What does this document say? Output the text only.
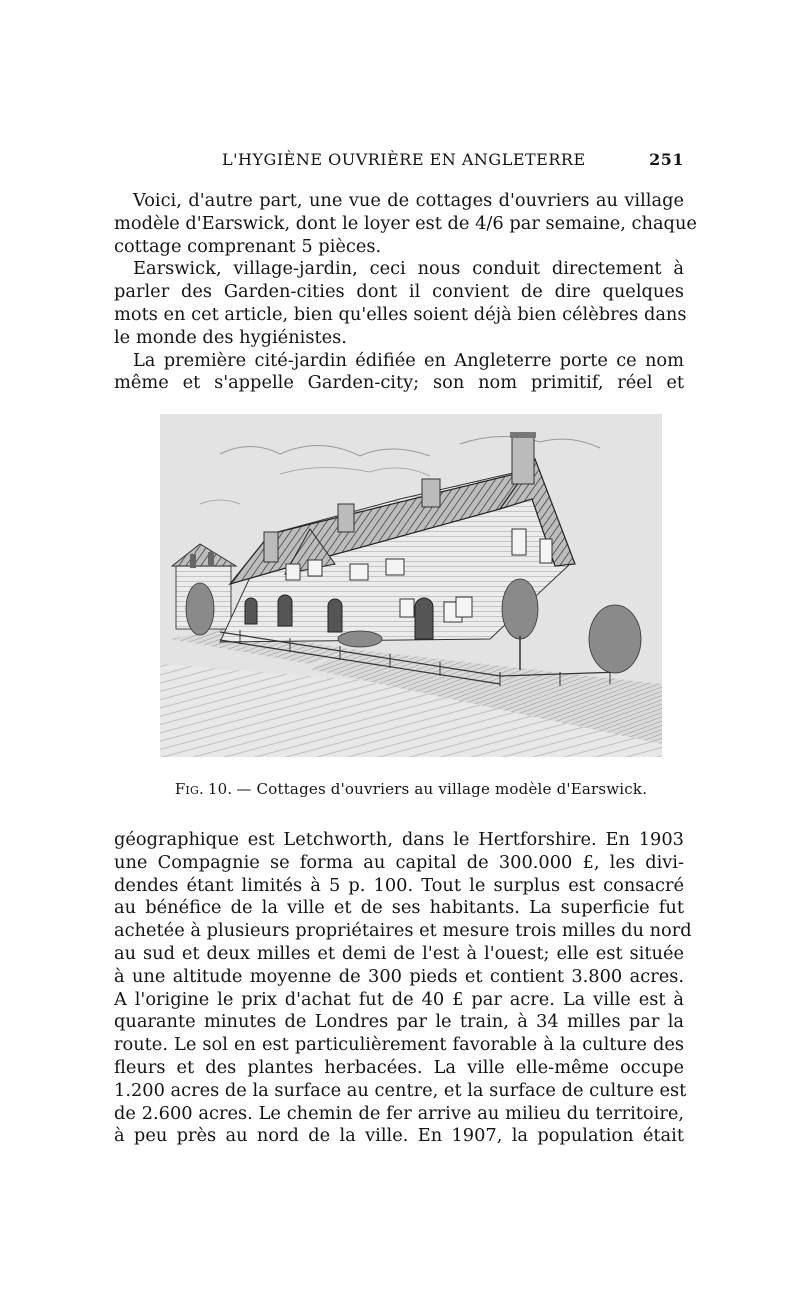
L'HYGIÈNE OUVRIÈRE EN ANGLETERRE	251
Voici, d'autre part, une vue de cottages d'ouvriers au village
modèle d'Earswick, dont le loyer est de 4/6 par semaine, chaque
cottage comprenant 5 pièces.
Earswick, village-jardin, ceci nous conduit directement à
parler des Garden-cities dont il convient de dire quelques
mots en cet article, bien qu'elles soient déjà bien célèbres dans
le monde des hygiénistes.
La première cité-jardin édifiée en Angleterre porte ce nom
même et s'appelle Garden-city; son nom primitif, réel et
Fig. 10. — Cottages d'ouvriers au village modèle d'Earswick.
géographique est Letchworth, dans le Hertforshire. En 1903
une Compagnie se forma au capital de 300.000 £, les divi-
dendes étant limités à 5 p. 100. Tout le surplus est consacré
au bénéfice de la ville et de ses habitants. La superficie fut
achetée à plusieurs propriétaires et mesure trois milles du nord
au sud et deux milles et demi de l'est à l'ouest; elle est située
à une altitude moyenne de 300 pieds et contient 3.800 acres.
A l'origine le prix d'achat fut de 40 £ par acre. La ville est à
quarante minutes de Londres par le train, à 34 milles par la
route. Le sol en est particulièrement favorable à la culture des
fleurs et des plantes herbacées. La ville elle-même occupe
1.200 acres de la surface au centre, et la surface de culture est
de 2.600 acres. Le chemin de fer arrive au milieu du territoire,
à peu près au nord de la ville. En 1907, la population était
